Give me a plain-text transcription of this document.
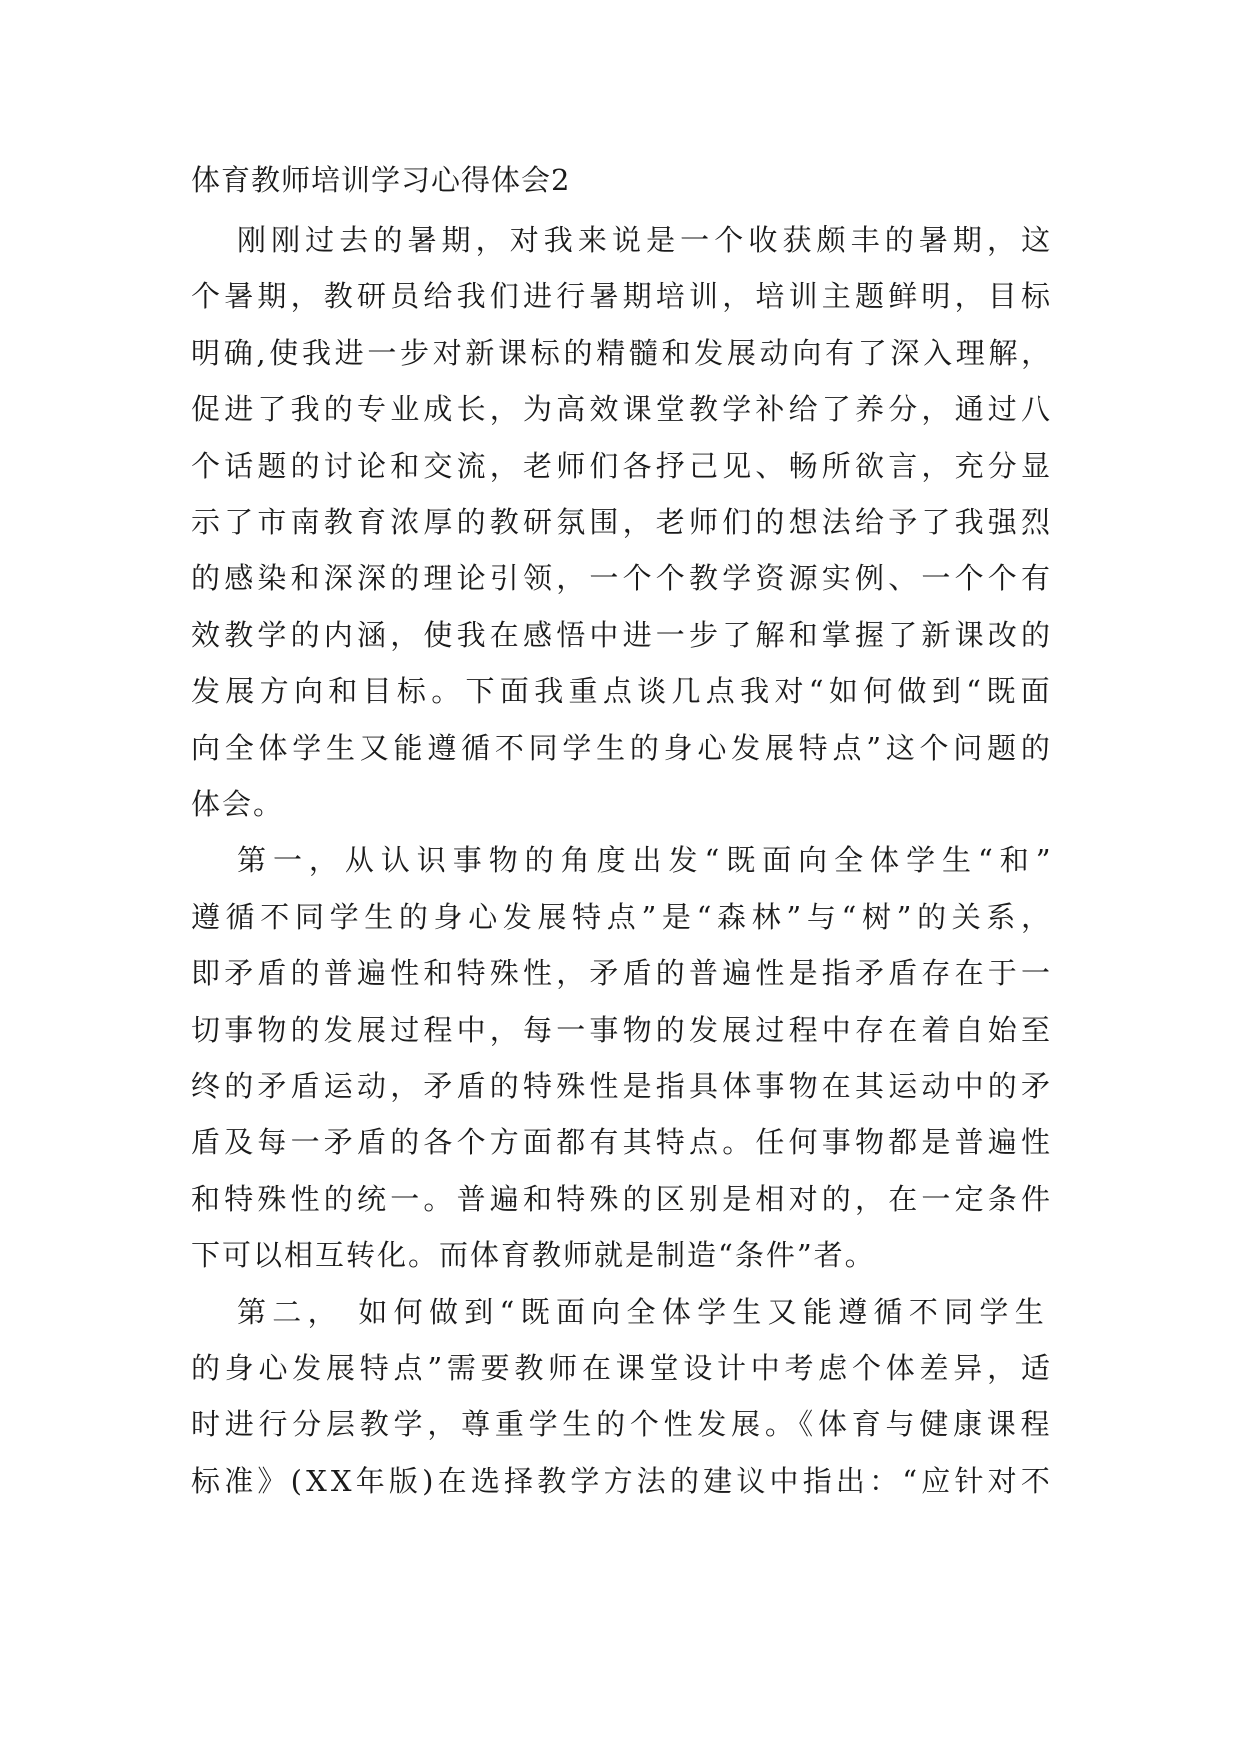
体育教师培训学习心得体会2

刚刚过去的暑期，对我来说是一个收获颇丰的暑期，这

个暑期，教研员给我们进行暑期培训，培训主题鲜明，目标

明确,使我进一步对新课标的精髓和发展动向有了深入理解，

促进了我的专业成长，为高效课堂教学补给了养分，通过八

个话题的讨论和交流，老师们各抒己见、畅所欲言，充分显

示了市南教育浓厚的教研氛围，老师们的想法给予了我强烈

的感染和深深的理论引领，一个个教学资源实例、一个个有

效教学的内涵，使我在感悟中进一步了解和掌握了新课改的

发展方向和目标。下面我重点谈几点我对“如何做到“既面

向全体学生又能遵循不同学生的身心发展特点”这个问题的

体会。

第一，从认识事物的角度出发“既面向全体学生“和”

遵循不同学生的身心发展特点”是“森林”与“树”的关系，

即矛盾的普遍性和特殊性，矛盾的普遍性是指矛盾存在于一

切事物的发展过程中，每一事物的发展过程中存在着自始至

终的矛盾运动，矛盾的特殊性是指具体事物在其运动中的矛

盾及每一矛盾的各个方面都有其特点。任何事物都是普遍性

和特殊性的统一。普遍和特殊的区别是相对的，在一定条件

下可以相互转化。而体育教师就是制造“条件”者。

第二， 如何做到“既面向全体学生又能遵循不同学生

的身心发展特点”需要教师在课堂设计中考虑个体差异，适

时进行分层教学，尊重学生的个性发展。《体育与健康课程

标准》(XX年版)在选择教学方法的建议中指出：“应针对不
